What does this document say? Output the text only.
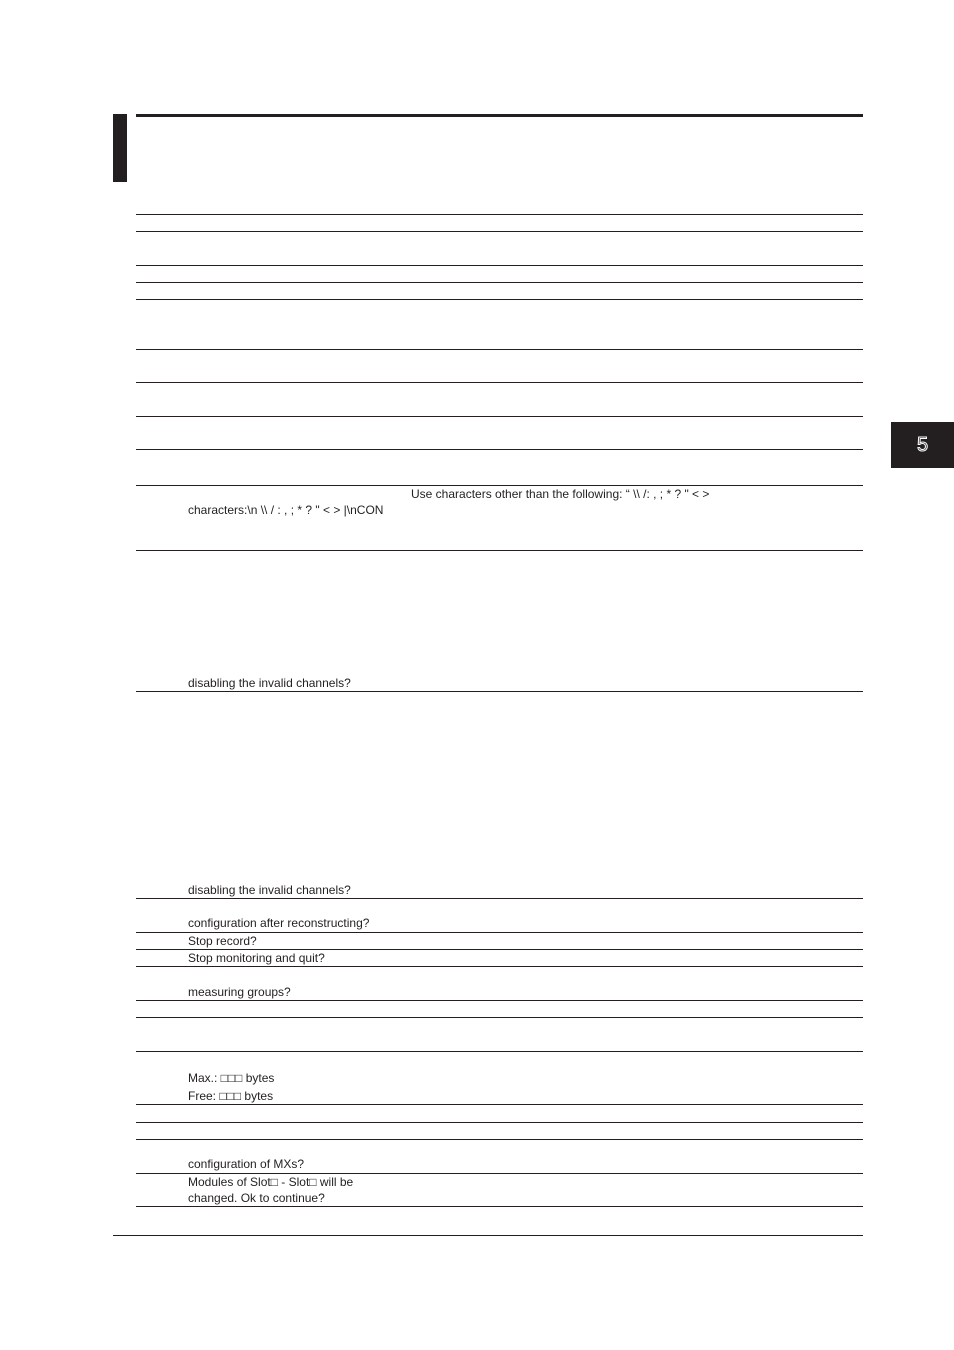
5
Use characters other than the following: “ \\ /: , ; * ? " < >
characters:\n \\ / : , ; * ? " < > |\nCON
disabling the invalid channels?
disabling the invalid channels?
configuration after reconstructing?
Stop record?
Stop monitoring and quit?
measuring groups?
Max.: □□□ bytes
Free: □□□ bytes
configuration of MXs?
Modules of Slot□ - Slot□ will be
changed. Ok to continue?
